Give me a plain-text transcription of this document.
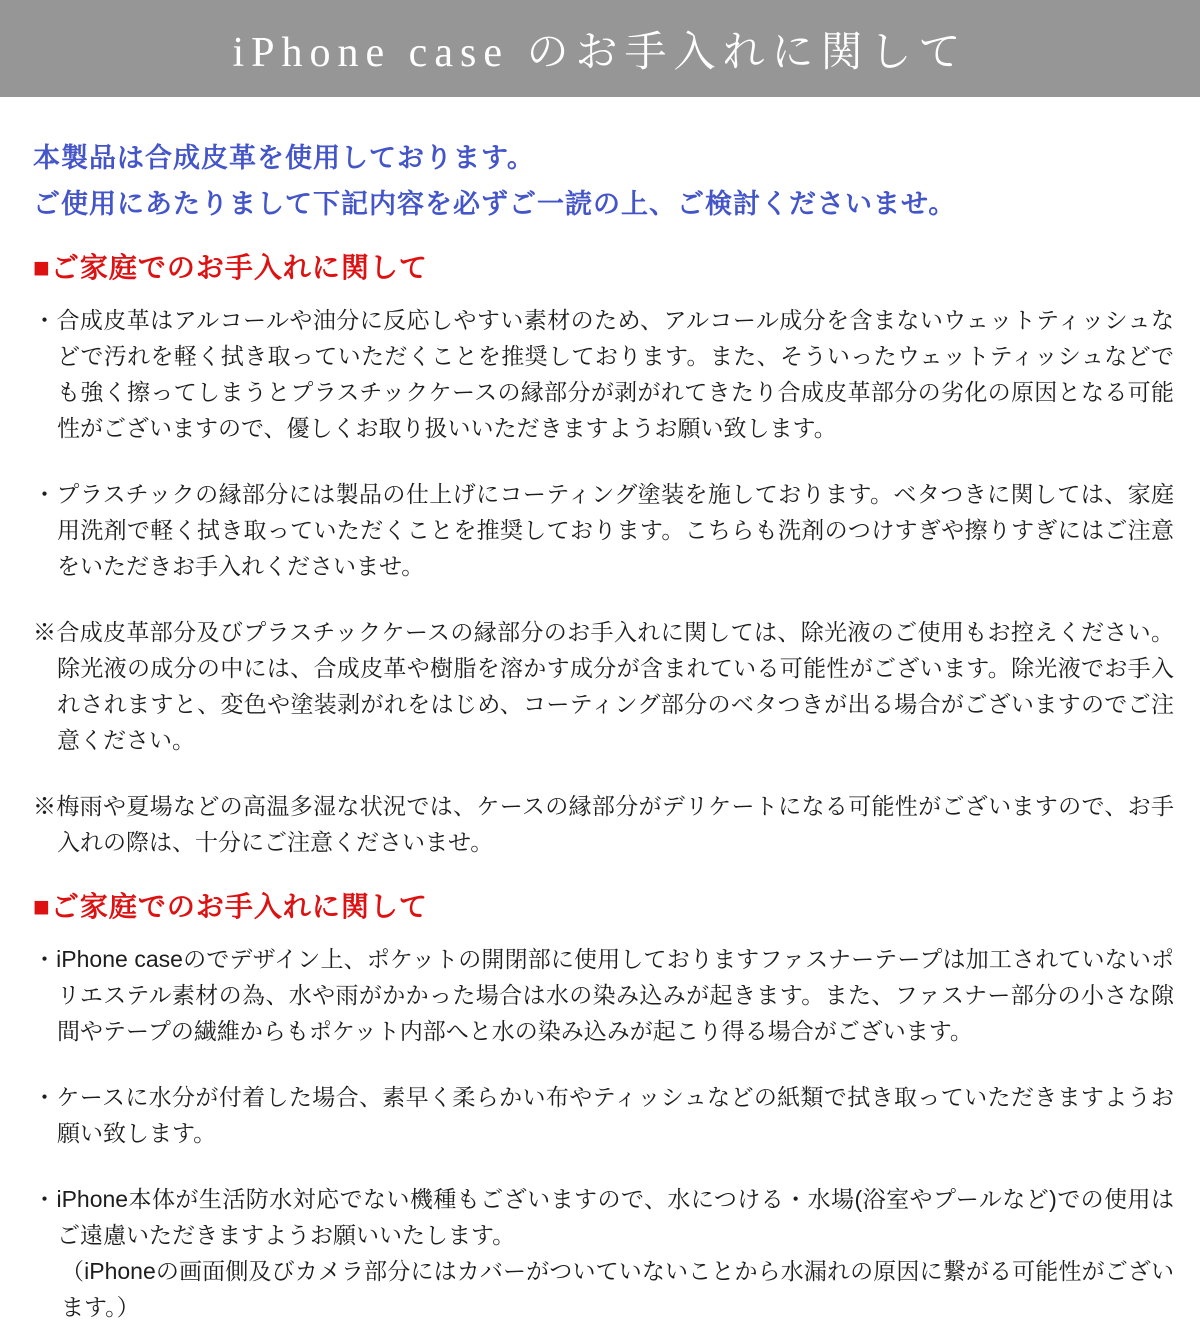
iPhone case のお手入れに関して

本製品は合成皮革を使用しております。

ご使用にあたりまして下記内容を必ずご一読の上、ご検討くださいませ。

■ご家庭でのお手入れに関して

・合成皮革はアルコールや油分に反応しやすい素材のため、アルコール成分を含まないウェットティッシュなどで汚れを軽く拭き取っていただくことを推奨しております。また、そういったウェットティッシュなどでも強く擦ってしまうとプラスチックケースの縁部分が剥がれてきたり合成皮革部分の劣化の原因となる可能性がございますので、優しくお取り扱いいただきますようお願い致します。

・プラスチックの縁部分には製品の仕上げにコーティング塗装を施しております。ベタつきに関しては、家庭用洗剤で軽く拭き取っていただくことを推奨しております。こちらも洗剤のつけすぎや擦りすぎにはご注意をいただきお手入れくださいませ。

※合成皮革部分及びプラスチックケースの縁部分のお手入れに関しては、除光液のご使用もお控えください。除光液の成分の中には、合成皮革や樹脂を溶かす成分が含まれている可能性がございます。除光液でお手入れされますと、変色や塗装剥がれをはじめ、コーティング部分のベタつきが出る場合がございますのでご注意ください。

※梅雨や夏場などの高温多湿な状況では、ケースの縁部分がデリケートになる可能性がございますので、お手入れの際は、十分にご注意くださいませ。

■ご家庭でのお手入れに関して

・iPhone caseのでデザイン上、ポケットの開閉部に使用しておりますファスナーテープは加工されていないポリエステル素材の為、水や雨がかかった場合は水の染み込みが起きます。また、ファスナー部分の小さな隙間やテープの繊維からもポケット内部へと水の染み込みが起こり得る場合がございます。

・ケースに水分が付着した場合、素早く柔らかい布やティッシュなどの紙類で拭き取っていただきますようお願い致します。

・iPhone本体が生活防水対応でない機種もございますので、水につける・水場(浴室やプールなど)での使用はご遠慮いただきますようお願いいたします。

（iPhoneの画面側及びカメラ部分にはカバーがついていないことから水漏れの原因に繋がる可能性がございます。）
